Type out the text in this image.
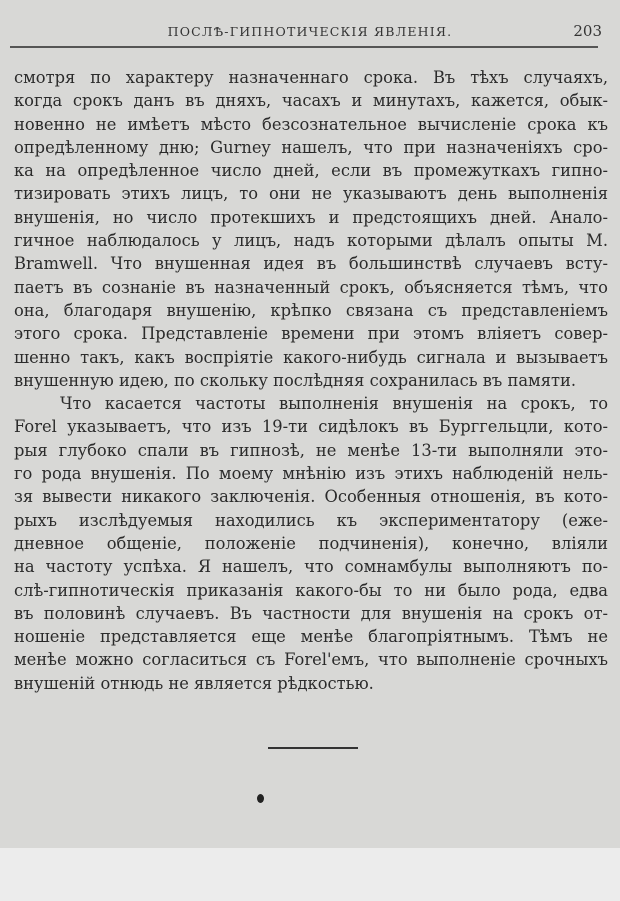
ПОСЛѢ-ГИПНОТИЧЕСКІЯ ЯВЛЕНІЯ.	203
смотря по характеру назначеннаго срока. Въ тѣхъ случаяхъ,
когда срокъ данъ въ дняхъ, часахъ и минутахъ, кажется, обык-
новенно не имѣетъ мѣсто безсознательное вычисленіе срока къ
опредѣленному дню; Gurney нашелъ, что при назначеніяхъ сро-
ка на опредѣленное число дней, если въ промежуткахъ гипно-
тизировать этихъ лицъ, то они не указываютъ день выполненія
внушенія, но число протекшихъ и предстоящихъ дней. Анало-
гичное наблюдалось у лицъ, надъ которыми дѣлалъ опыты М.
Bramwell. Что внушенная идея въ большинствѣ случаевъ всту-
паетъ въ сознаніе въ назначенный срокъ, объясняется тѣмъ, что
она, благодаря внушенію, крѣпко связана съ представленіемъ
этого срока. Представленіе времени при этомъ вліяетъ совер-
шенно такъ, какъ воспріятіе какого-нибудь сигнала и вызываетъ
внушенную идею, по скольку послѣдняя сохранилась въ памяти.
Что касается частоты выполненія внушенія на срокъ, то
Forel указываетъ, что изъ 19-ти сидѣлокъ въ Бурггельцли, кото-
рыя глубоко спали въ гипнозѣ, не менѣе 13-ти выполняли это-
го рода внушенія. По моему мнѣнію изъ этихъ наблюденій нель-
зя вывести никакого заключенія. Особенныя отношенія, въ кото-
рыхъ изслѣдуемыя находились къ экспериментатору (еже-
дневное общеніе, положеніе подчиненія), конечно, вліяли
на частоту успѣха. Я нашелъ, что сомнамбулы выполняютъ по-
слѣ-гипнотическія приказанія какого-бы то ни было рода, едва
въ половинѣ случаевъ. Въ частности для внушенія на срокъ от-
ношеніе представляется еще менѣе благопріятнымъ. Тѣмъ не
менѣе можно согласиться съ Forel'емъ, что выполненіе срочныхъ
внушеній отнюдь не является рѣдкостью.
